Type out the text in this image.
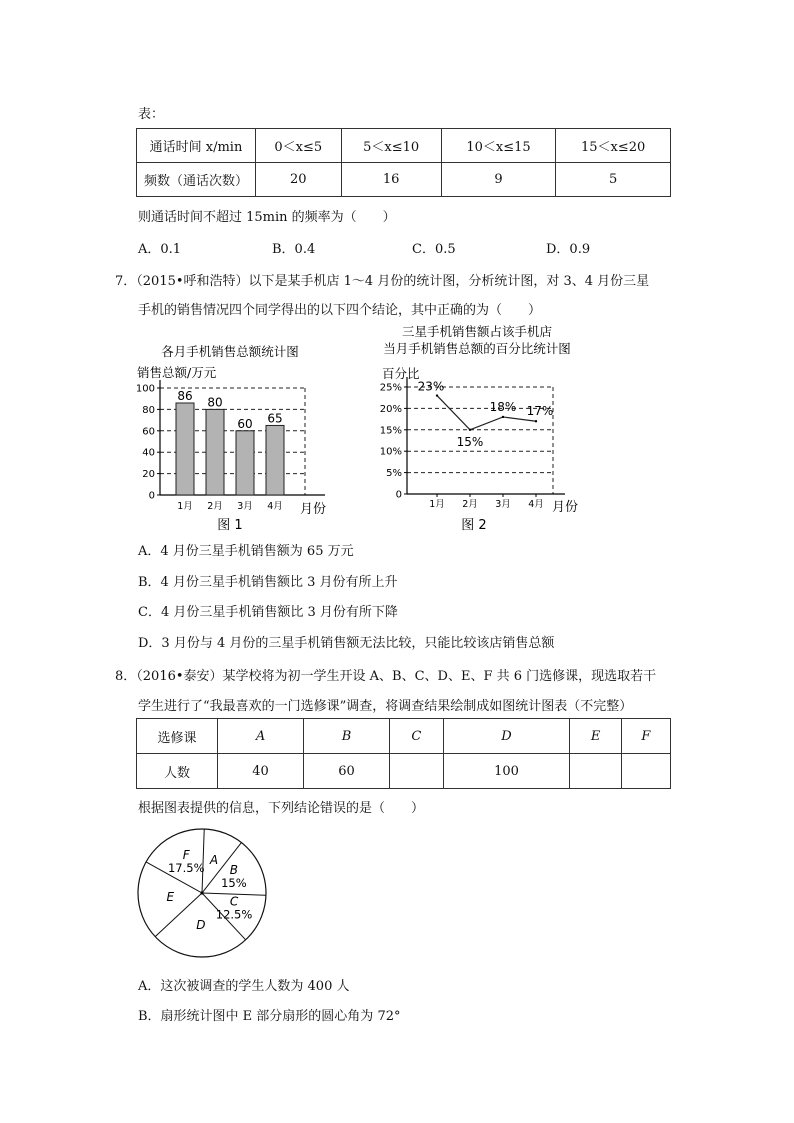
表：
通话时间 x/min	0＜x≤5	5＜x≤10	10＜x≤15	15＜x≤20
频数（通话次数）	20	16	9	5
则通话时间不超过 15min 的频率为（　　）
A．0.1	B．0.4	C．0.5	D．0.9
7．（2015•呼和浩特）以下是某手机店 1～4 月份的统计图，分析统计图，对 3、4 月份三星
手机的销售情况四个同学得出的以下四个结论，其中正确的为（　　）
各月手机销售总额统计图
销售总额/万元
0
20
40
60
80
100 86
1月
80
2月
60
3月
65
4月 月份
图 1
三星手机销售额占该手机店
当月手机销售总额的百分比统计图
百分比
0
5%
10%
15%
20%
25% 23%
1月
15%
2月
18%
3月
17%
4月 月份
图 2
A．4 月份三星手机销售额为 65 万元
B．4 月份三星手机销售额比 3 月份有所上升
C．4 月份三星手机销售额比 3 月份有所下降
D．3 月份与 4 月份的三星手机销售额无法比较，只能比较该店销售总额
8．（2016•泰安）某学校将为初一学生开设 A、B、C、D、E、F 共 6 门选修课，现选取若干
学生进行了“我最喜欢的一门选修课”调查，将调查结果绘制成如图统计图表（不完整）
选修课	A	B	C	D	E	F
人数	40	60		100		
根据图表提供的信息，下列结论错误的是（　　）
A
B
15%
C
12.5%
D
E
F
17.5%
A．这次被调查的学生人数为 400 人
B．扇形统计图中 E 部分扇形的圆心角为 72°
